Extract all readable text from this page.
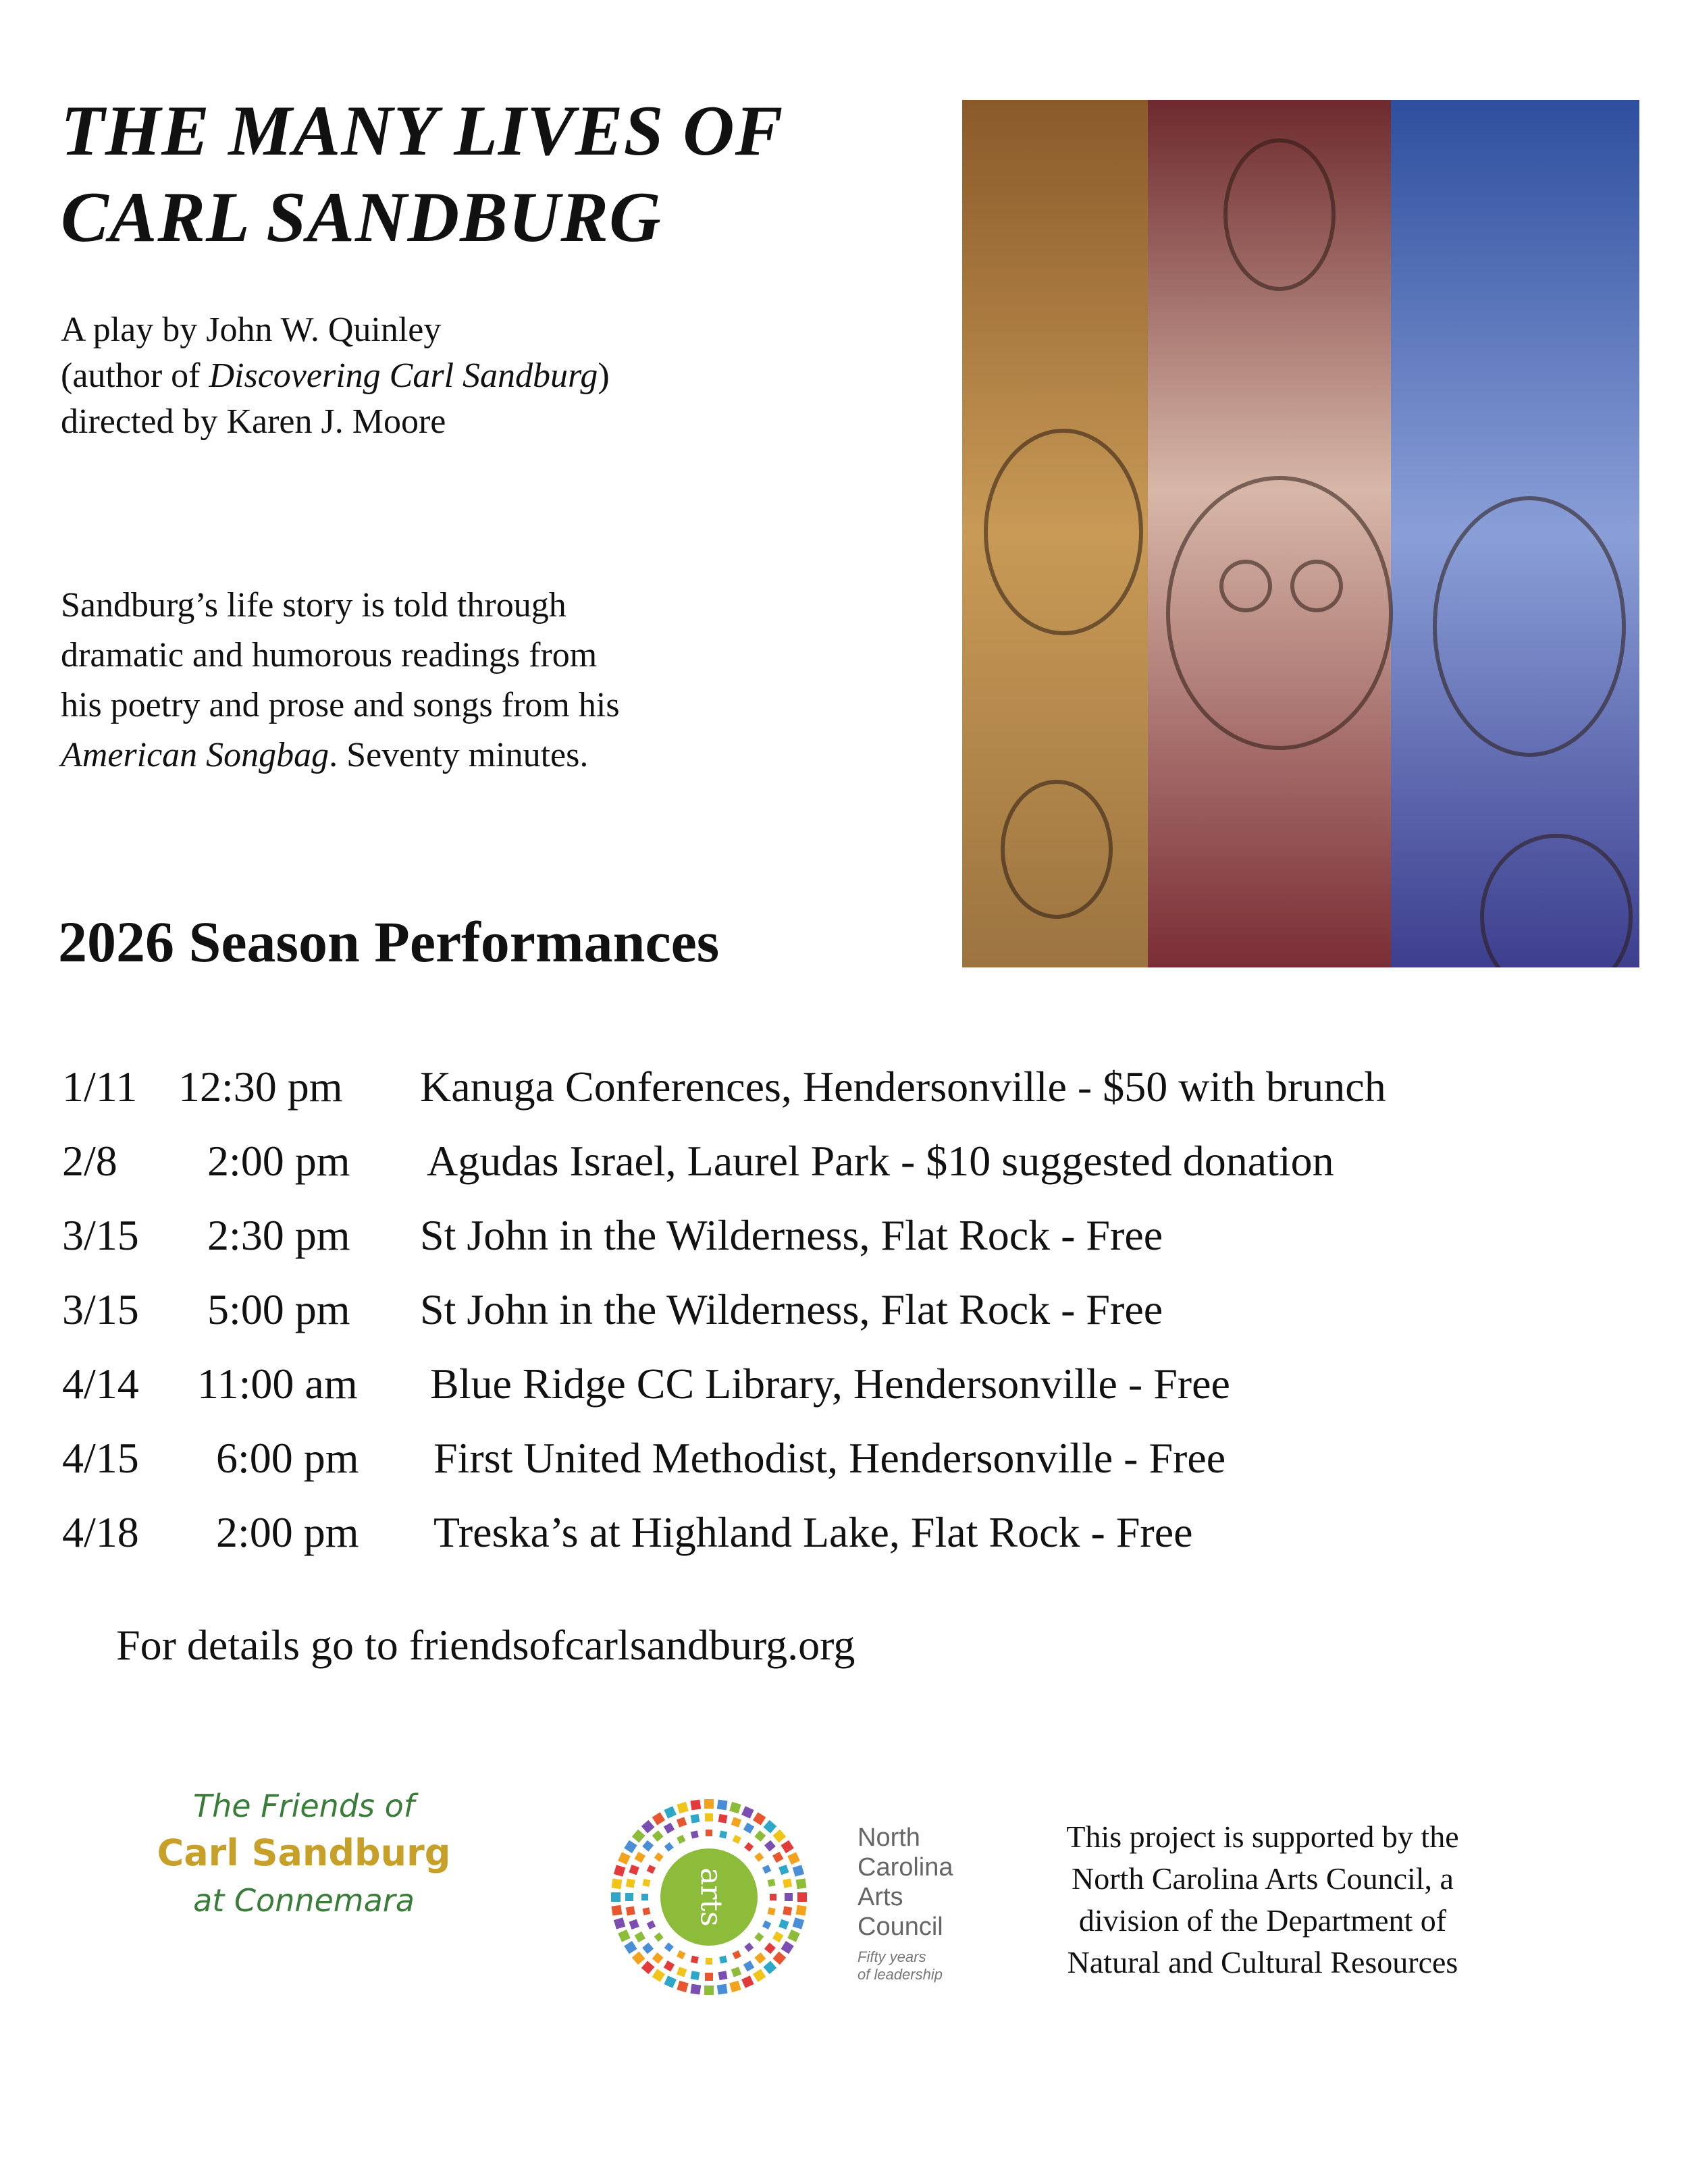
THE MANY LIVES OF
CARL SANDBURG
A play by John W. Quinley
(author of Discovering Carl Sandburg)
directed by Karen J. Moore
Sandburg’s life story is told through
dramatic and humorous readings from
his poetry and prose and songs from his
American Songbag. Seventy minutes.
2026 Season Performances
1/11 12:30 pm Kanuga Conferences, Hendersonville - $50 with brunch
2/8 2:00 pm Agudas Israel, Laurel Park - $10 suggested donation
3/15 2:30 pm St John in the Wilderness, Flat Rock - Free
3/15 5:00 pm St John in the Wilderness, Flat Rock - Free
4/14 11:00 am Blue Ridge CC Library, Hendersonville - Free
4/15 6:00 pm First United Methodist, Hendersonville - Free
4/18 2:00 pm Treska’s at Highland Lake, Flat Rock - Free
For details go to friendsofcarlsandburg.org
The Friends of
Carl Sandburg
at Connemara	arts
North
Carolina
Arts
Council
Fifty years
of leadership
This project is supported by the
North Carolina Arts Council, a
division of the Department of
Natural and Cultural Resources
